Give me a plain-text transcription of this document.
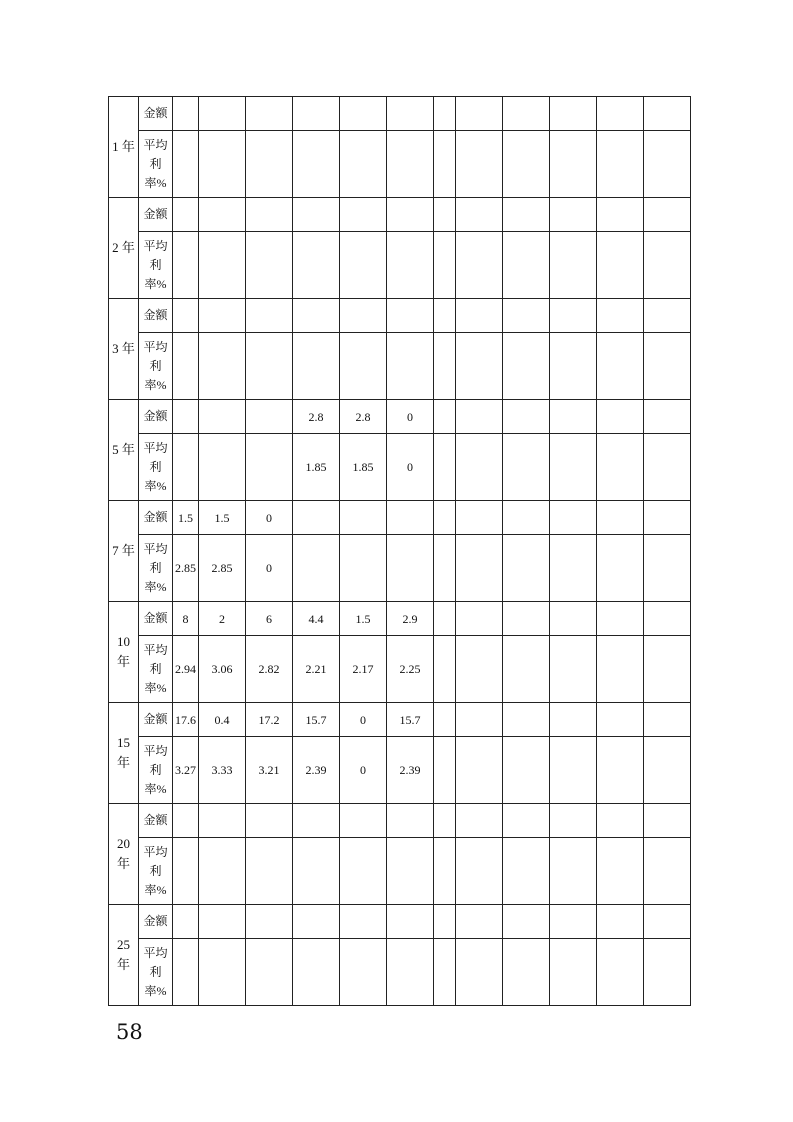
1 年	金额												
	平均
利
率%												
2 年	金额												
	平均
利
率%												
3 年	金额												
	平均
利
率%												
5 年	金额				2.8	2.8	0						
	平均
利
率%				1.85	1.85	0						
7 年	金额	1.5	1.5	0									
	平均
利
率%	2.85	2.85	0									
10
年	金额	8	2	6	4.4	1.5	2.9						
	平均
利
率%	2.94	3.06	2.82	2.21	2.17	2.25						
15
年	金额	17.6	0.4	17.2	15.7	0	15.7						
	平均
利
率%	3.27	3.33	3.21	2.39	0	2.39						
20
年	金额												
	平均
利
率%												
25
年	金额												
	平均
利
率%												
58
